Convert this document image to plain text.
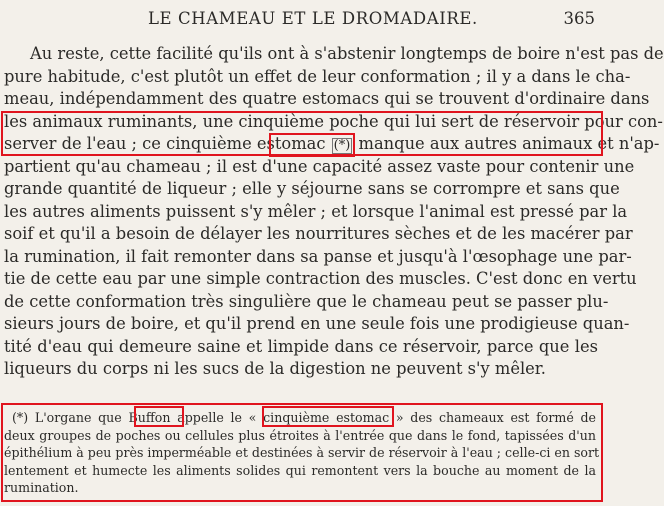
LE CHAMEAU ET LE DROMADAIRE.	365
Au reste, cette facilité qu'ils ont à s'abstenir longtemps de boire n'est pas de
pure habitude, c'est plutôt un effet de leur conformation ; il y a dans le cha-
meau, indépendamment des quatre estomacs qui se trouvent d'ordinaire dans
les animaux ruminants, une cinquième poche qui lui sert de réservoir pour con-
server de l'eau ; ce cinquième estomac (*) manque aux autres animaux et n'ap-
partient qu'au chameau ; il est d'une capacité assez vaste pour contenir une
grande quantité de liqueur ; elle y séjourne sans se corrompre et sans que
les autres aliments puissent s'y mêler ; et lorsque l'animal est pressé par la
soif et qu'il a besoin de délayer les nourritures sèches et de les macérer par
la rumination, il fait remonter dans sa panse et jusqu'à l'œsophage une par-
tie de cette eau par une simple contraction des muscles. C'est donc en vertu
de cette conformation très singulière que le chameau peut se passer plu-
sieurs jours de boire, et qu'il prend en une seule fois une prodigieuse quan-
tité d'eau qui demeure saine et limpide dans ce réservoir, parce que les
liqueurs du corps ni les sucs de la digestion ne peuvent s'y mêler.
(*) L'organe que Buffon appelle le « cinquième estomac » des chameaux est formé de
deux groupes de poches ou cellules plus étroites à l'entrée que dans le fond, tapissées d'un
épithélium à peu près imperméable et destinées à servir de réservoir à l'eau ; celle-ci en sort
lentement et humecte les aliments solides qui remontent vers la bouche au moment de la
rumination.
